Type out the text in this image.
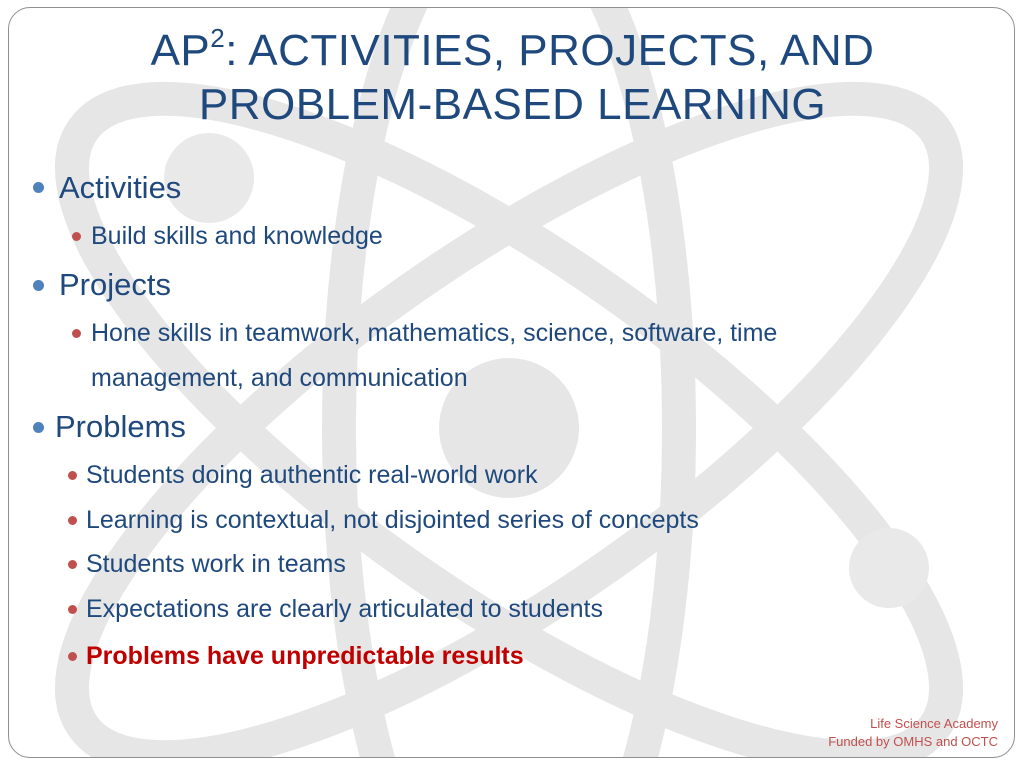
$AP^2$: ACTIVITIES, PROJECTS, AND
PROBLEM-BASED LEARNING
Activities
Build skills and knowledge
Projects
Hone skills in teamwork, mathematics, science, software, time
management, and communication
Problems
Students doing authentic real-world work
Learning is contextual, not disjointed series of concepts
Students work in teams
Expectations are clearly articulated to students
Problems have unpredictable results
Life Science Academy
Funded by OMHS and OCTC
